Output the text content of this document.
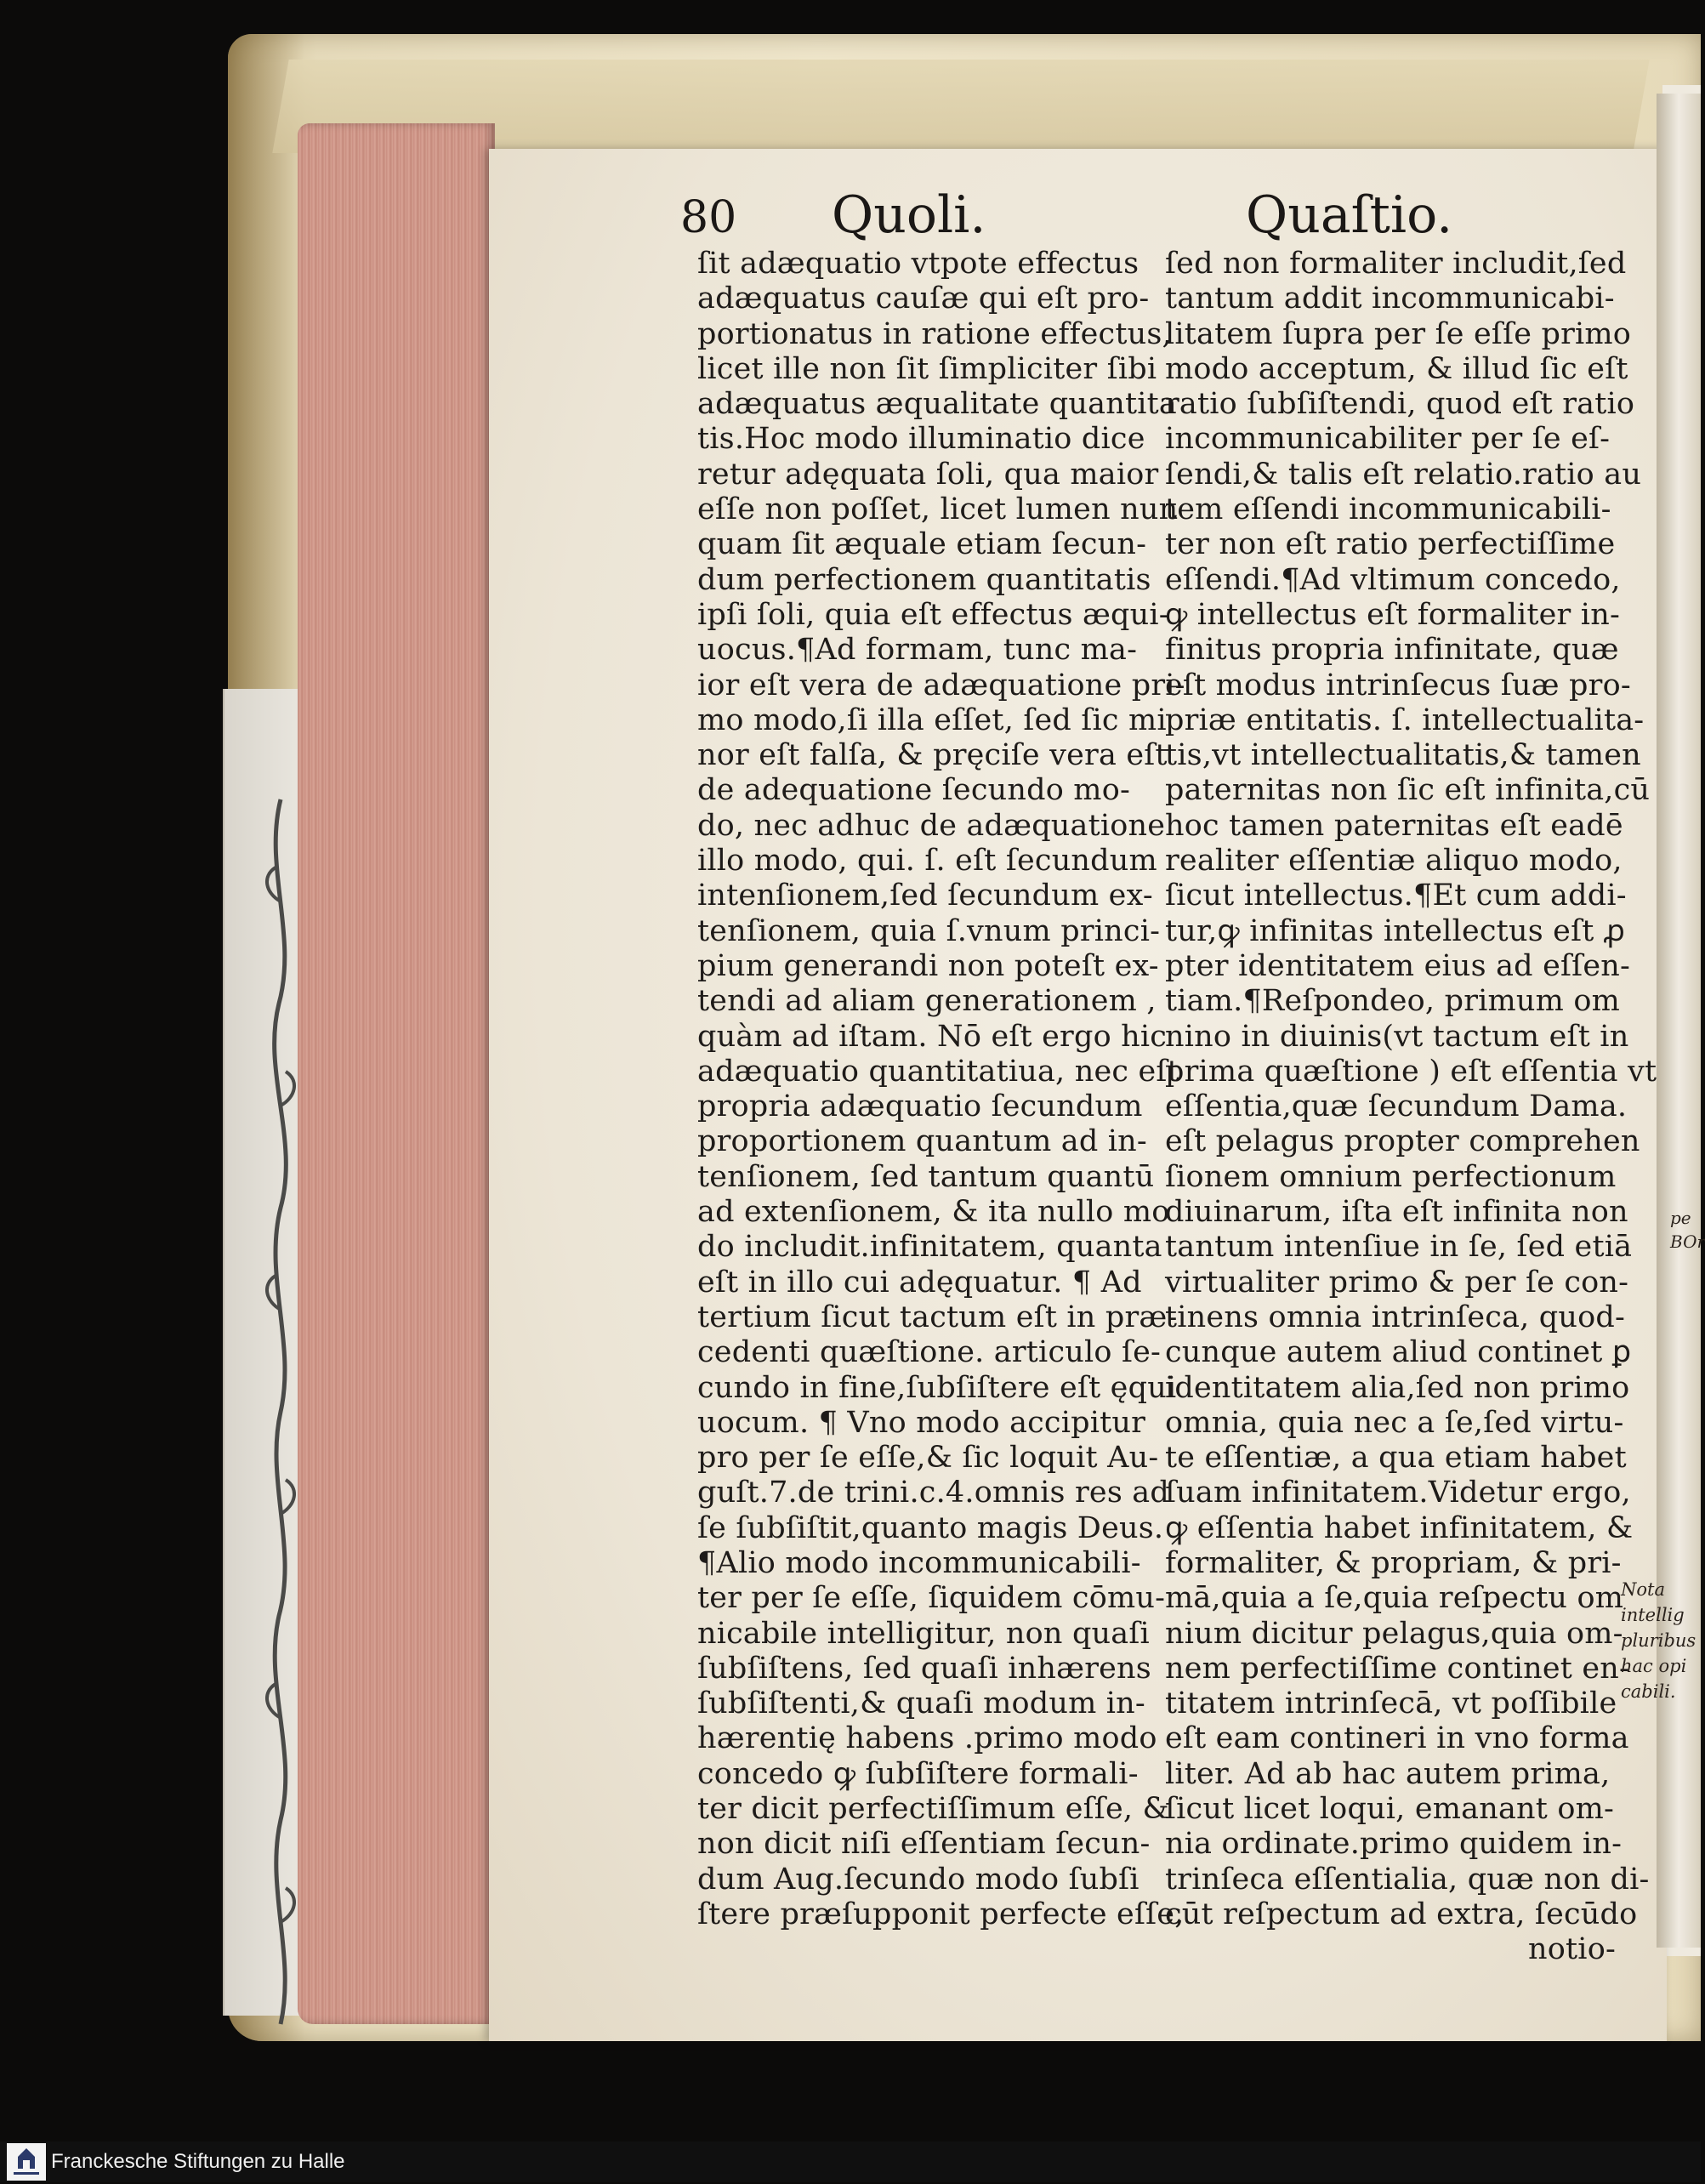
80 Quoli.	Quaſtio.
ſit adæquatio vtpote effectus
adæquatus cauſæ qui eſt pro-
portionatus in ratione effectus,
licet ille non ſit ſimpliciter ſibi
adæquatus æqualitate quantita
tis.Hoc modo illuminatio dice
retur adęquata ſoli, qua maior
eſſe non poſſet, licet lumen nun
quam ſit æquale etiam ſecun-
dum perfectionem quantitatis
ipſi ſoli, quia eſt effectus æqui-
uocus.¶Ad formam, tunc ma-
ior eſt vera de adæquatione pri-
mo modo,ſi illa eſſet, ſed ſic mi
nor eſt falſa, & pręciſe vera eſt
de adequatione ſecundo mo-
do, nec adhuc de adæquatione
illo modo, qui. ſ. eſt ſecundum
intenſionem,ſed ſecundum ex-
tenſionem, quia ſ.vnum princi-
pium generandi non poteſt ex-
tendi ad aliam generationem ,
quàm ad iſtam. Nō eſt ergo hic
adæquatio quantitatiua, nec eſt
propria adæquatio ſecundum
proportionem quantum ad in-
tenſionem, ſed tantum quantū
ad extenſionem, & ita nullo mo
do includit.infinitatem, quanta
eſt in illo cui adęquatur. ¶ Ad
tertium ſicut tactum eſt in præ-
cedenti quæſtione. articulo ſe-
cundo in fine,ſubſiſtere eſt ęqui
uocum. ¶ Vno modo accipitur
pro per ſe eſſe,& ſic loquit Au-
guſt.7.de trini.c.4.omnis res ad
ſe ſubſiſtit,quanto magis Deus.
¶Alio modo incommunicabili-
ter per ſe eſſe, ſiquidem cōmu-
nicabile intelligitur, non quaſi
ſubſiſtens, ſed quaſi inhærens
ſubſiſtenti,& quaſi modum in-
hærentię habens .primo modo
concedo ꝙ ſubſiſtere formali-
ter dicit perfectiſſimum eſſe, &
non dicit niſi eſſentiam ſecun-
dum Aug.ſecundo modo ſubſi
ſtere præſupponit perfecte eſſe,
ſed non formaliter includit,ſed
tantum addit incommunicabi-
litatem ſupra per ſe eſſe primo
modo acceptum, & illud ſic eſt
ratio ſubſiſtendi, quod eſt ratio
incommunicabiliter per ſe eſ-
ſendi,& talis eſt relatio.ratio au
tem eſſendi incommunicabili-
ter non eſt ratio perfectiſſime
eſſendi.¶Ad vltimum concedo,
ꝙ intellectus eſt formaliter in-
finitus propria infinitate, quæ
eſt modus intrinſecus ſuæ pro-
priæ entitatis. ſ. intellectualita-
tis,vt intellectualitatis,& tamen
paternitas non ſic eſt infinita,cū
hoc tamen paternitas eſt eadē
realiter eſſentiæ aliquo modo,
ſicut intellectus.¶Et cum addi-
tur,ꝙ infinitas intellectus eſt ꝓ
pter identitatem eius ad eſſen-
tiam.¶Reſpondeo, primum om
nino in diuinis(vt tactum eſt in
prima quæſtione ) eſt eſſentia vt
eſſentia,quæ ſecundum Dama.
eſt pelagus propter comprehen
ſionem omnium perfectionum
diuinarum, iſta eſt infinita non
tantum intenſiue in ſe, ſed etiā
virtualiter primo & per ſe con-
tinens omnia intrinſeca, quod-
cunque autem aliud continet ꝑ
identitatem alia,ſed non primo
omnia, quia nec a ſe,ſed virtu-
te eſſentiæ, a qua etiam habet
ſuam infinitatem.Videtur ergo,
ꝙ eſſentia habet infinitatem, &
formaliter, & propriam, & pri-
mā,quia a ſe,quia reſpectu om
nium dicitur pelagus,quia om-
nem perfectiſſime continet en-
titatem intrinſecā, vt poſſibile
eſt eam contineri in vno forma
liter. Ad ab hac autem prima,
ſicut licet loqui, emanant om-
nia ordinate.primo quidem in-
trinſeca eſſentialia, quæ non di-
cūt reſpectum ad extra, ſecūdo
notio-
pe
BOr
Nota
intellig
pluribus
hac opi
cabili.
Franckesche Stiftungen zu Halle
